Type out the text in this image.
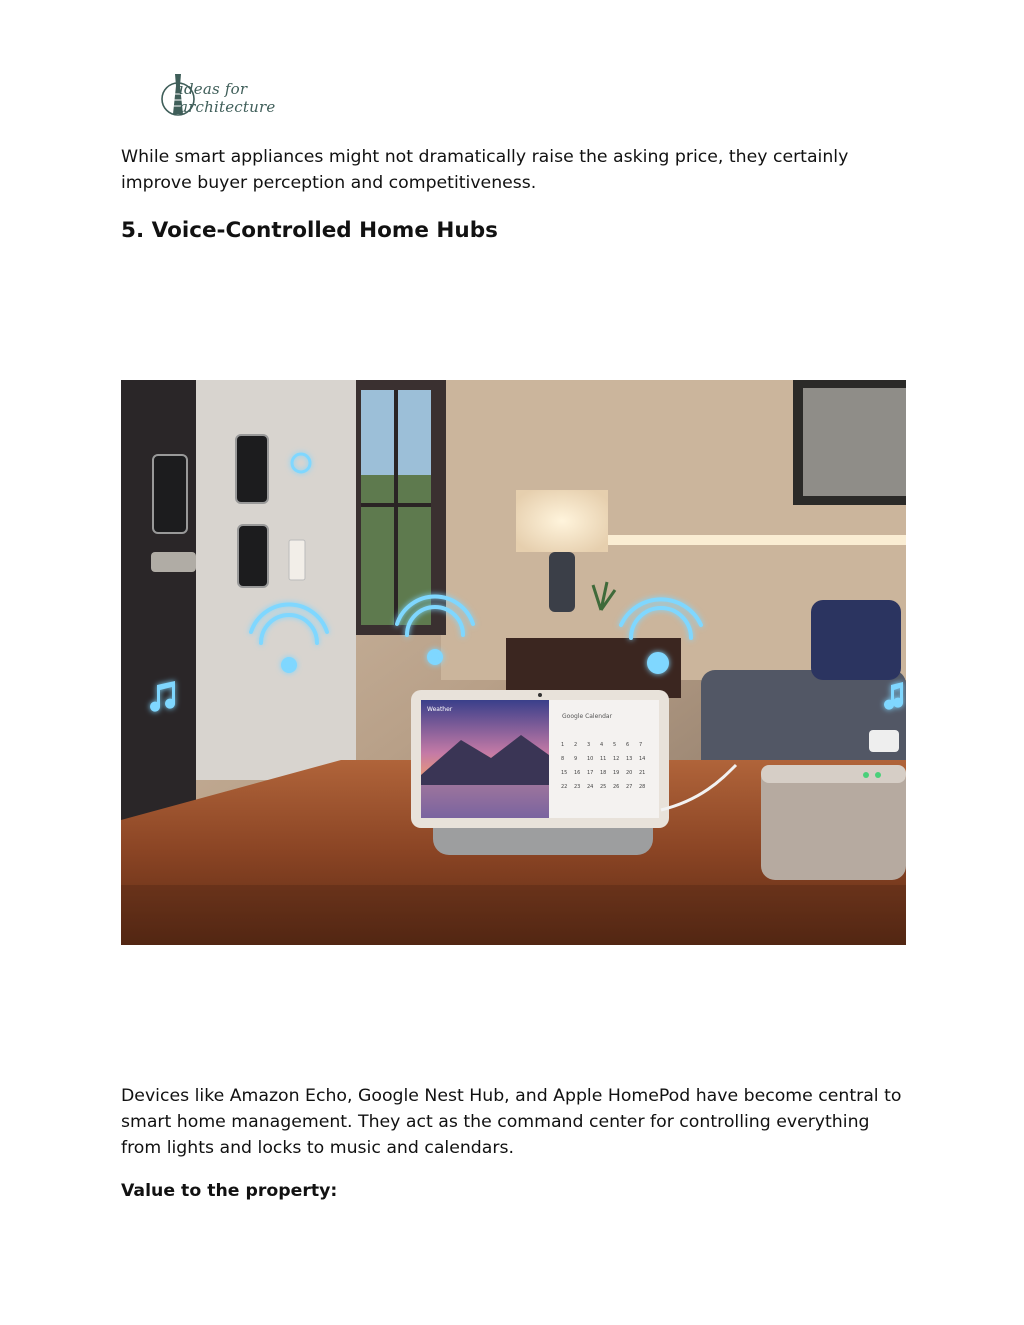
ideas for
architecture

While smart appliances might not dramatically raise the asking price, they certainly improve buyer perception and competitiveness.

5. Voice-Controlled Home Hubs
Weather
Google Calendar
1 2 3 4 5 6 7
8 9 10 11 12 13 14
15 16 17 18 19 20 21
22 23 24 25 26 27 28

Devices like Amazon Echo, Google Nest Hub, and Apple HomePod have become central to smart home management. They act as the command center for controlling everything from lights and locks to music and calendars.

Value to the property:
